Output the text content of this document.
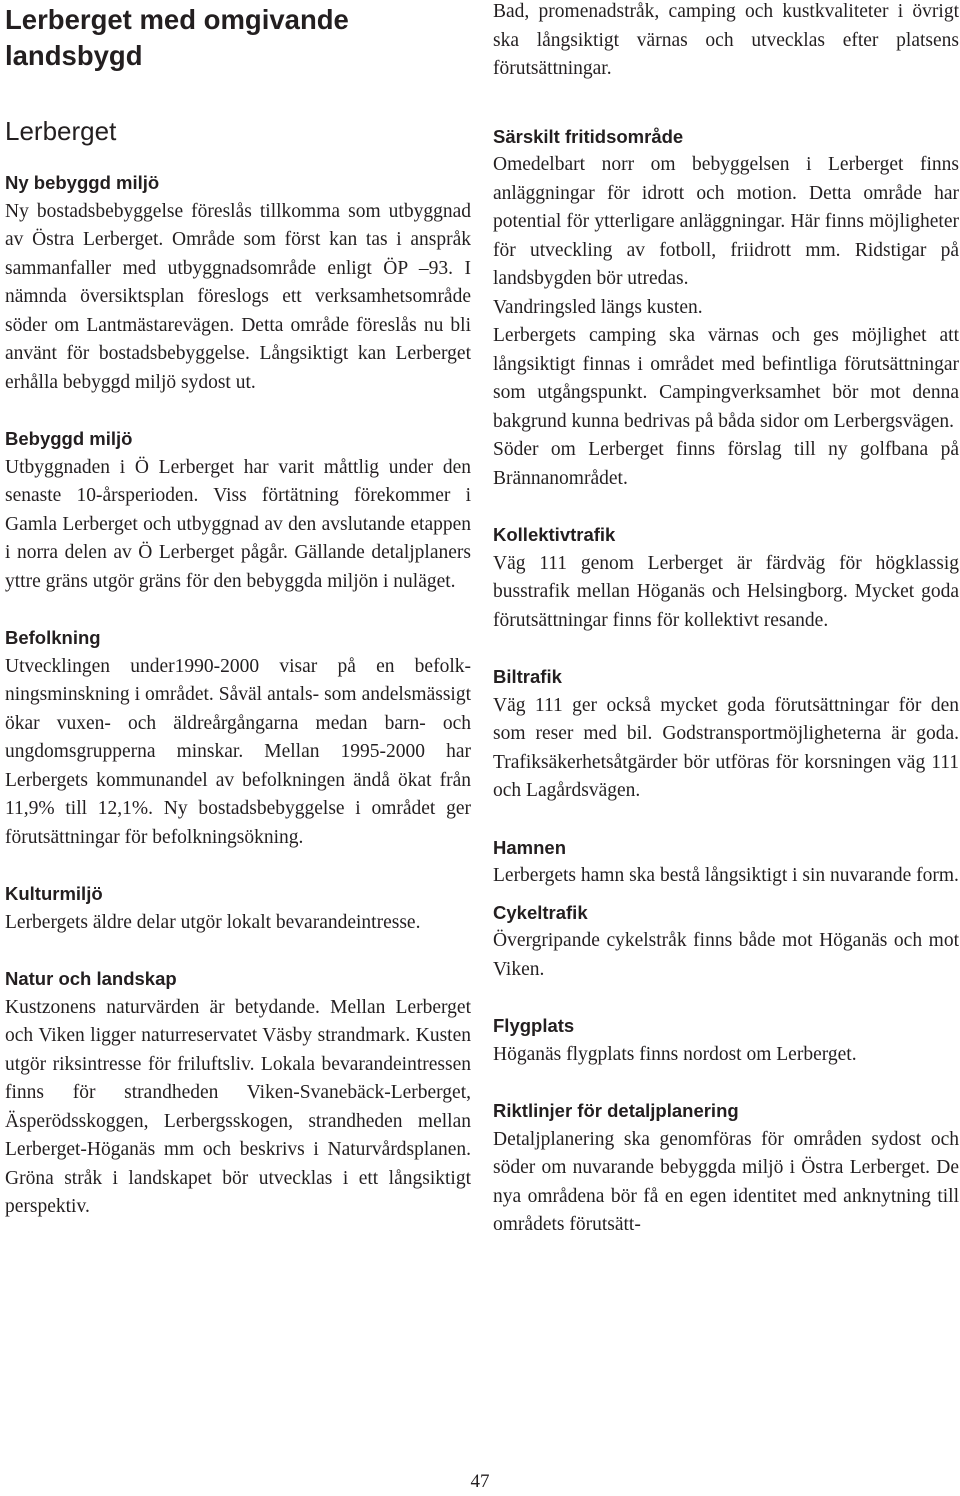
Lerberget med omgivande landsbygd
Lerberget
Ny bebyggd miljö

Ny bostadsbebyggelse föreslås tillkomma som utbyggnad av Östra Lerberget. Område som först kan tas i anspråk sammanfaller med utbyggnadsområde enligt ÖP –93. I nämnda översiktsplan föreslogs ett verksamhetsområde söder om Lantmästarevägen. Detta område föreslås nu bli använt för bostadsbebyggelse. Långsiktigt kan Lerberget erhålla bebyggd miljö sydost ut.

Bebyggd miljö

Utbyggnaden i Ö Lerberget har varit måttlig under den senaste 10-årsperioden. Viss förtätning förekommer i Gamla Lerberget och utbyggnad av den avslutande etappen i norra delen av Ö Lerberget pågår. Gällande detaljplaners yttre gräns utgör gräns för den bebyggda miljön i nuläget.

Befolkning

Utvecklingen under1990-2000 visar på en befolkningsminskning i området. Såväl antals- som andelsmässigt ökar vuxen- och äldreårgångarna medan barn- och ungdomsgrupperna minskar. Mellan 1995-2000 har Lerbergets kommunandel av befolkningen ändå ökat från 11,9% till 12,1%. Ny bostadsbebyggelse i området ger förutsättningar för befolkningsökning.

Kulturmiljö

Lerbergets äldre delar utgör lokalt bevarandeintresse.

Natur och landskap

Kustzonens naturvärden är betydande. Mellan Lerberget och Viken ligger naturreservatet Väsby strandmark. Kusten utgör riksintresse för friluftsliv. Lokala bevarandeintressen finns för strandheden Viken-Svanebäck-Lerberget, Äsperödsskoggen, Lerbergsskogen, strandheden mellan Lerberget-Höganäs mm och beskrivs i Naturvårdsplanen. Gröna stråk i landskapet bör utvecklas i ett långsiktigt perspektiv.

Bad, promenadstråk, camping och kustkvaliteter i övrigt ska långsiktigt värnas och utvecklas efter platsens förutsättningar.

Särskilt fritidsområde

Omedelbart norr om bebyggelsen i Lerberget finns anläggningar för idrott och motion. Detta område har potential för ytterligare anläggningar. Här finns möjligheter för utveckling av fotboll, friidrott mm. Ridstigar på landsbygden bör utredas.

Vandringsled längs kusten.

Lerbergets camping ska värnas och ges möjlighet att långsiktigt finnas i området med befintliga förutsättningar som utgångspunkt. Campingverksamhet bör mot denna bakgrund kunna bedrivas på båda sidor om Lerbergsvägen.

Söder om Lerberget finns förslag till ny golfbana på Brännanområdet.

Kollektivtrafik

Väg 111 genom Lerberget är färdväg för högklassig busstrafik mellan Höganäs och Helsingborg. Mycket goda förutsättningar finns för kollektivt resande.

Biltrafik

Väg 111 ger också mycket goda förutsättningar för den som reser med bil. Godstransportmöjligheterna är goda. Trafiksäkerhetsåtgärder bör utföras för korsningen väg 111 och Lagårdsvägen.

Hamnen

Lerbergets hamn ska bestå långsiktigt i sin nuvarande form.

Cykeltrafik

Övergripande cykelstråk finns både mot Höganäs och mot Viken.

Flygplats

Höganäs flygplats finns nordost om Lerberget.

Riktlinjer för detaljplanering

Detaljplanering ska genomföras för områden sydost och söder om nuvarande bebyggda miljö i Östra Lerberget. De nya områdena bör få en egen identitet med anknytning till områdets förutsätt-

47
